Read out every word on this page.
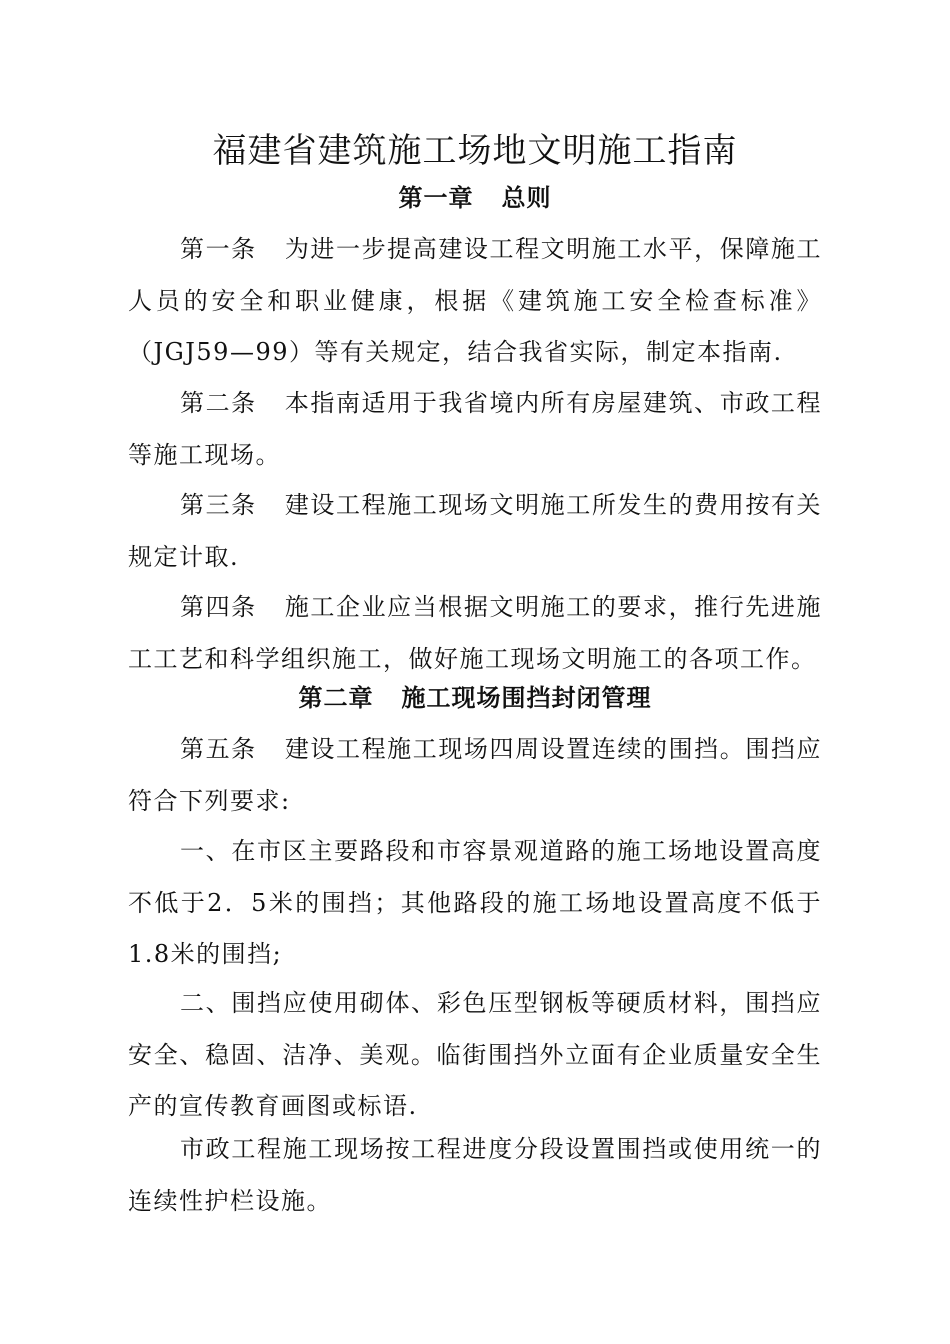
福建省建筑施工场地文明施工指南
第一章 总则
第一条 为进一步提高建设工程文明施工水平，保障施工
人员的安全和职业健康，根据《建筑施工安全检查标准》
（JGJ59—99）等有关规定，结合我省实际，制定本指南.
第二条 本指南适用于我省境内所有房屋建筑、市政工程
等施工现场。
第三条 建设工程施工现场文明施工所发生的费用按有关
规定计取.
第四条 施工企业应当根据文明施工的要求，推行先进施
工工艺和科学组织施工，做好施工现场文明施工的各项工作。
第二章 施工现场围挡封闭管理
第五条 建设工程施工现场四周设置连续的围挡。围挡应
符合下列要求:
一、在市区主要路段和市容景观道路的施工场地设置高度
不低于2．5米的围挡；其他路段的施工场地设置高度不低于
1.8米的围挡;
二、围挡应使用砌体、彩色压型钢板等硬质材料，围挡应
安全、稳固、洁净、美观。临街围挡外立面有企业质量安全生
产的宣传教育画图或标语.
市政工程施工现场按工程进度分段设置围挡或使用统一的
连续性护栏设施。
